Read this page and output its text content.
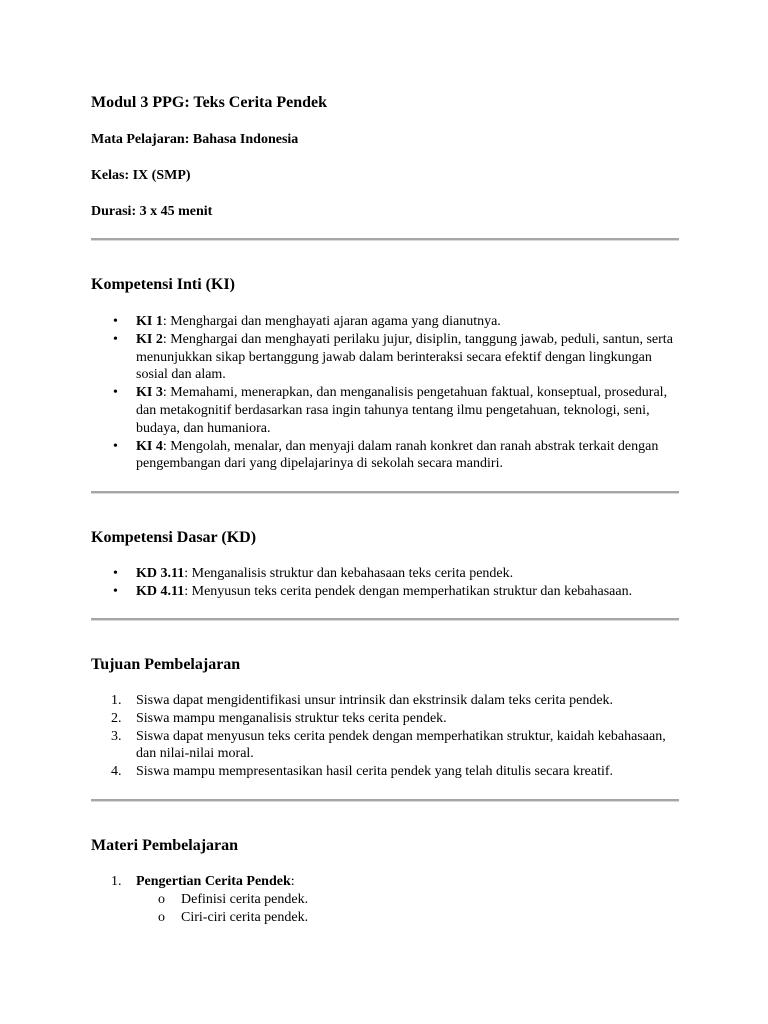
Modul 3 PPG: Teks Cerita Pendek
Mata Pelajaran: Bahasa Indonesia
Kelas: IX (SMP)
Durasi: 3 x 45 menit
Kompetensi Inti (KI)
•	KI 1: Menghargai dan menghayati ajaran agama yang dianutnya.
•	KI 2: Menghargai dan menghayati perilaku jujur, disiplin, tanggung jawab, peduli, santun, serta menunjukkan sikap bertanggung jawab dalam berinteraksi secara efektif dengan lingkungan sosial dan alam.
•	KI 3: Memahami, menerapkan, dan menganalisis pengetahuan faktual, konseptual, prosedural, dan metakognitif berdasarkan rasa ingin tahunya tentang ilmu pengetahuan, teknologi, seni, budaya, dan humaniora.
•	KI 4: Mengolah, menalar, dan menyaji dalam ranah konkret dan ranah abstrak terkait dengan pengembangan dari yang dipelajarinya di sekolah secara mandiri.
Kompetensi Dasar (KD)
•	KD 3.11: Menganalisis struktur dan kebahasaan teks cerita pendek.
•	KD 4.11: Menyusun teks cerita pendek dengan memperhatikan struktur dan kebahasaan.
Tujuan Pembelajaran
1.	Siswa dapat mengidentifikasi unsur intrinsik dan ekstrinsik dalam teks cerita pendek.
2.	Siswa mampu menganalisis struktur teks cerita pendek.
3.	Siswa dapat menyusun teks cerita pendek dengan memperhatikan struktur, kaidah kebahasaan, dan nilai-nilai moral.
4.	Siswa mampu mempresentasikan hasil cerita pendek yang telah ditulis secara kreatif.
Materi Pembelajaran
1.	Pengertian Cerita Pendek:
o	Definisi cerita pendek.
o	Ciri-ciri cerita pendek.
